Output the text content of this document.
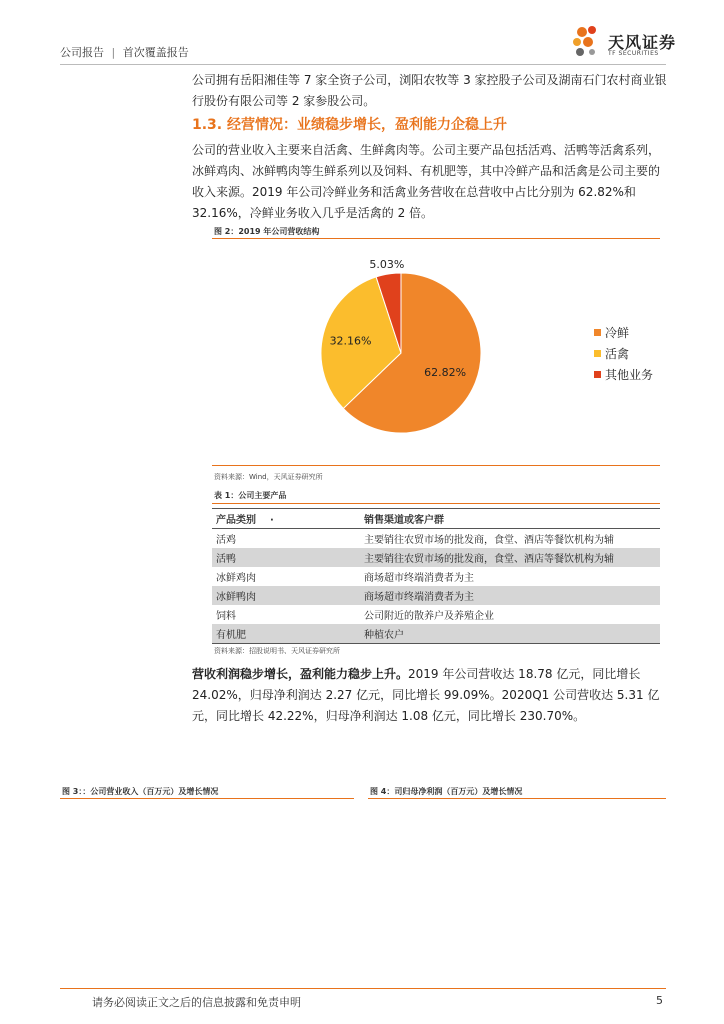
公司报告 | 首次覆盖报告
天风证券
TF SECURITIES
公司拥有岳阳湘佳等 7 家全资子公司，浏阳农牧等 3 家控股子公司及湖南石门农村商业银行股份有限公司等 2 家参股公司。
1.3. 经营情况：业绩稳步增长，盈利能力企稳上升
公司的营业收入主要来自活禽、生鲜禽肉等。公司主要产品包括活鸡、活鸭等活禽系列，冰鲜鸡肉、冰鲜鸭肉等生鲜系列以及饲料、有机肥等，其中冷鲜产品和活禽是公司主要的收入来源。2019 年公司冷鲜业务和活禽业务营收在总营收中占比分别为 62.82%和 32.16%，冷鲜业务收入几乎是活禽的 2 倍。
图 2：2019 年公司营收结构
62.82%
32.16%
5.03%
冷鲜
活禽
其他业务
资料来源：Wind，天风证券研究所
表 1：公司主要产品
产品类别 ·	销售渠道或客户群
活鸡	主要销往农贸市场的批发商，食堂、酒店等餐饮机构为辅
活鸭	主要销往农贸市场的批发商，食堂、酒店等餐饮机构为辅
冰鲜鸡肉	商场超市终端消费者为主
冰鲜鸭肉	商场超市终端消费者为主
饲料	公司附近的散养户及养殖企业
有机肥	种植农户
资料来源：招股说明书、天风证券研究所
营收利润稳步增长，盈利能力稳步上升。2019 年公司营收达 18.78 亿元，同比增长 24.02%，归母净利润达 2.27 亿元，同比增长 99.09%。2020Q1 公司营收达 5.31 亿元，同比增长 42.22%，归母净利润达 1.08 亿元，同比增长 230.70%。
图 3：：公司营业收入（百万元）及增长情况	图 4：司归母净利润（百万元）及增长情况
请务必阅读正文之后的信息披露和免责申明	5
